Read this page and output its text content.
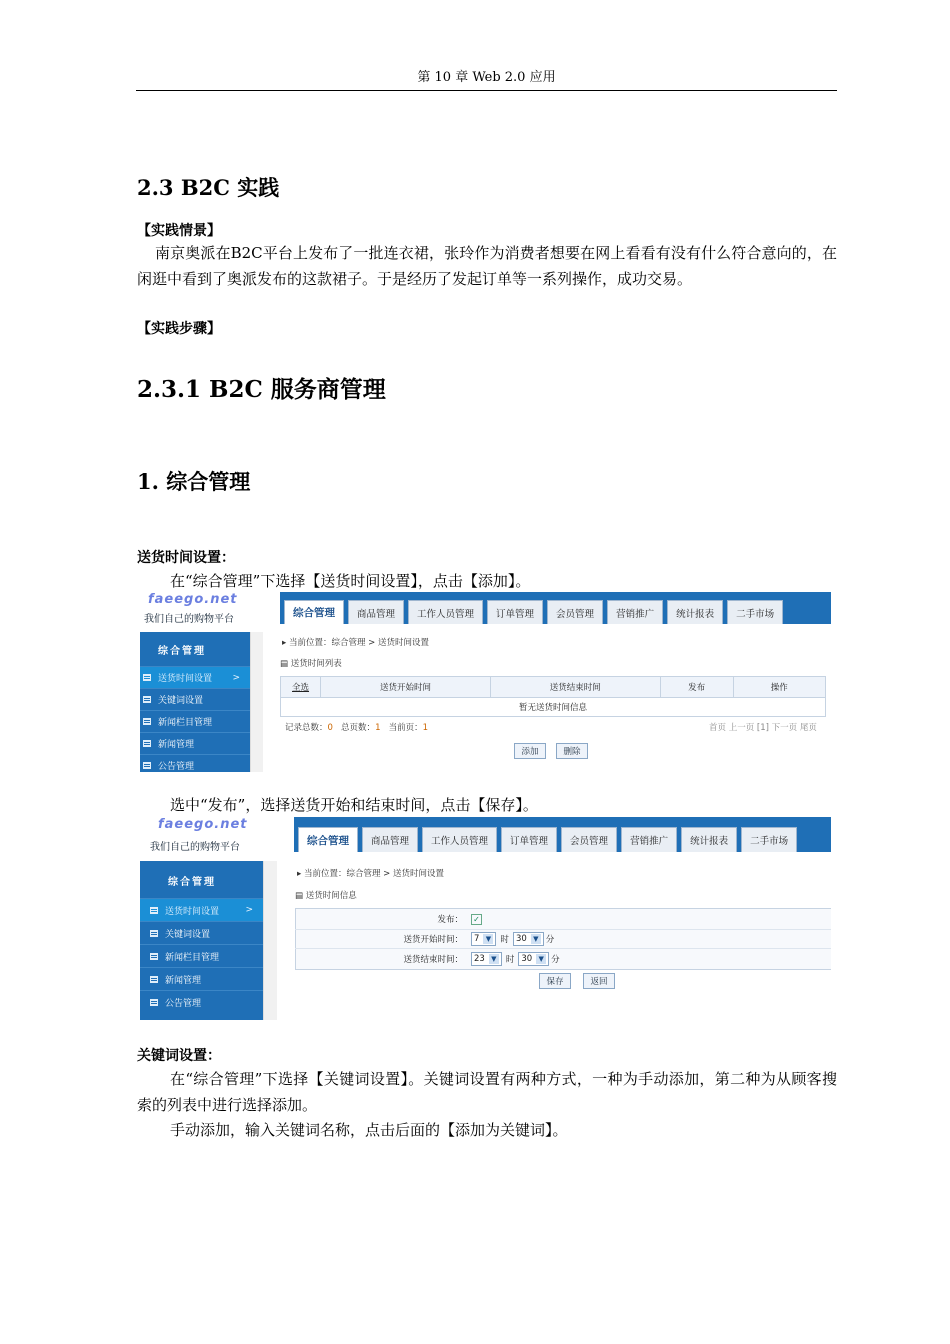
第 10 章 Web 2.0 应用
2.3 B2C 实践
【实践情景】
南京奥派在B2C平台上发布了一批连衣裙，张玲作为消费者想要在网上看看有没有什么符合意向的，在闲逛中看到了奥派发布的这款裙子。于是经历了发起订单等一系列操作，成功交易。
【实践步骤】
2.3.1 B2C 服务商管理
1. 综合管理
送货时间设置：
在“综合管理”下选择【送货时间设置】，点击【添加】。
faeego.net
我们自己的购物平台
综合管理	商品管理	工作人员管理	订单管理	会员管理	营销推广	统计报表	二手市场
综合管理
送货时间设置 >
关键词设置
新闻栏目管理
新闻管理
公告管理
▸ 当前位置：综合管理 > 送货时间设置
▤ 送货时间列表
全选	送货开始时间	送货结束时间	发布	操作
暂无送货时间信息
记录总数：0 总页数：1 当前页：1	首页 上一页 [1] 下一页 尾页
添加	删除
选中“发布”，选择送货开始和结束时间，点击【保存】。
faeego.net
我们自己的购物平台
综合管理	商品管理	工作人员管理	订单管理	会员管理	营销推广	统计报表	二手市场
综合管理
送货时间设置	>
关键词设置
新闻栏目管理
新闻管理
公告管理
▸ 当前位置：综合管理 > 送货时间设置
▤ 送货时间信息
发布： ✓
送货开始时间： 7 ▼ 时 30 ▼ 分
送货结束时间： 23 ▼ 时 30 ▼ 分
保存	返回
关键词设置：
在“综合管理”下选择【关键词设置】。关键词设置有两种方式，一种为手动添加，第二种为从顾客搜索的列表中进行选择添加。
手动添加，输入关键词名称，点击后面的【添加为关键词】。
